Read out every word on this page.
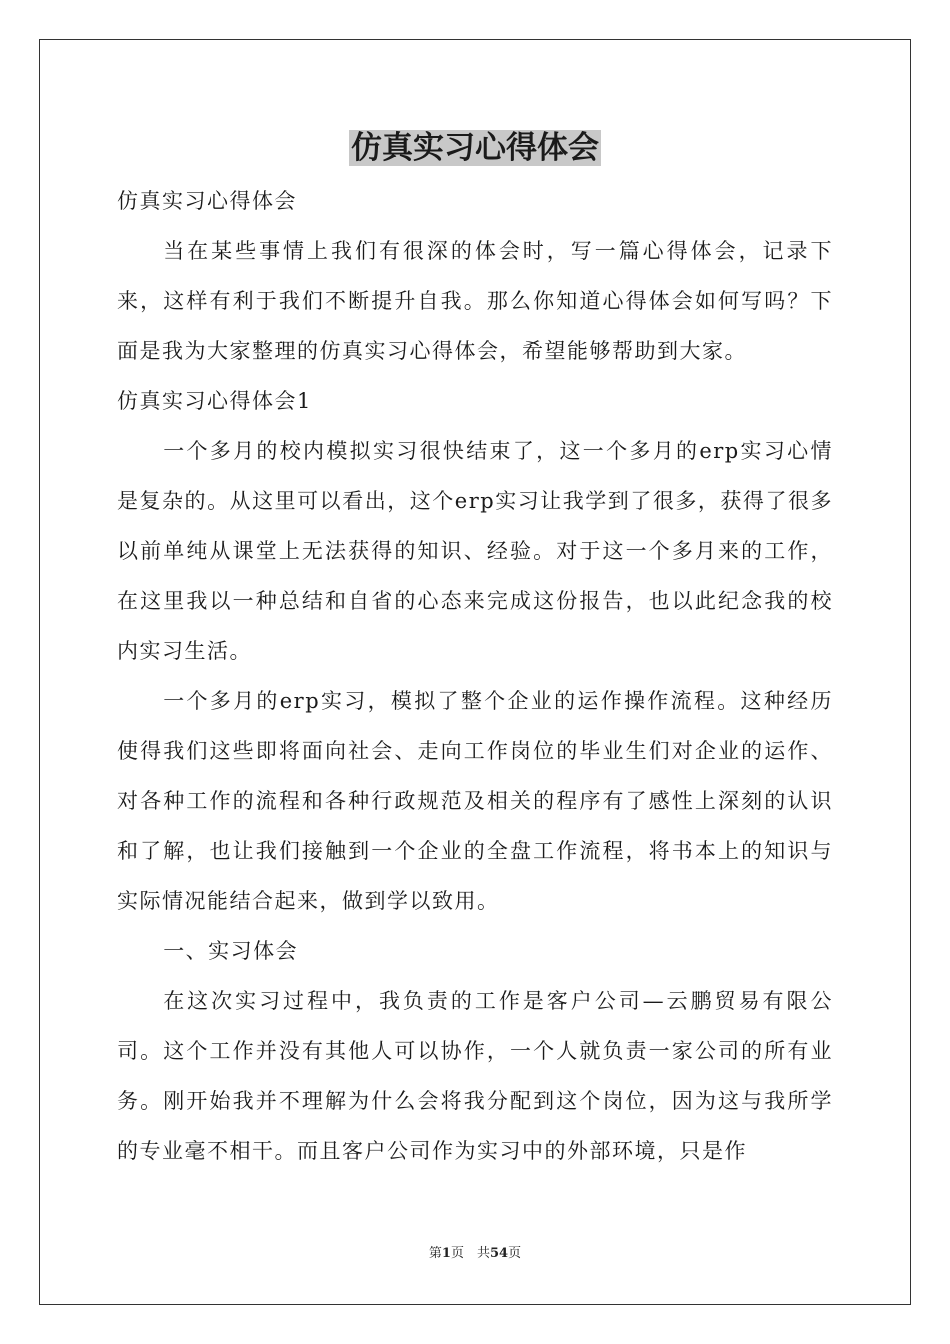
仿真实习心得体会

仿真实习心得体会

当在某些事情上我们有很深的体会时，写一篇心得体会，记录下来，这样有利于我们不断提升自我。那么你知道心得体会如何写吗？下面是我为大家整理的仿真实习心得体会，希望能够帮助到大家。

仿真实习心得体会1

一个多月的校内模拟实习很快结束了，这一个多月的erp实习心情是复杂的。从这里可以看出，这个erp实习让我学到了很多，获得了很多以前单纯从课堂上无法获得的知识、经验。对于这一个多月来的工作，在这里我以一种总结和自省的心态来完成这份报告，也以此纪念我的校内实习生活。

一个多月的erp实习，模拟了整个企业的运作操作流程。这种经历使得我们这些即将面向社会、走向工作岗位的毕业生们对企业的运作、对各种工作的流程和各种行政规范及相关的程序有了感性上深刻的认识和了解，也让我们接触到一个企业的全盘工作流程，将书本上的知识与实际情况能结合起来，做到学以致用。

一、实习体会

在这次实习过程中，我负责的工作是客户公司—云鹏贸易有限公司。这个工作并没有其他人可以协作，一个人就负责一家公司的所有业务。刚开始我并不理解为什么会将我分配到这个岗位，因为这与我所学的专业毫不相干。而且客户公司作为实习中的外部环境，只是作

第1页　共54页
